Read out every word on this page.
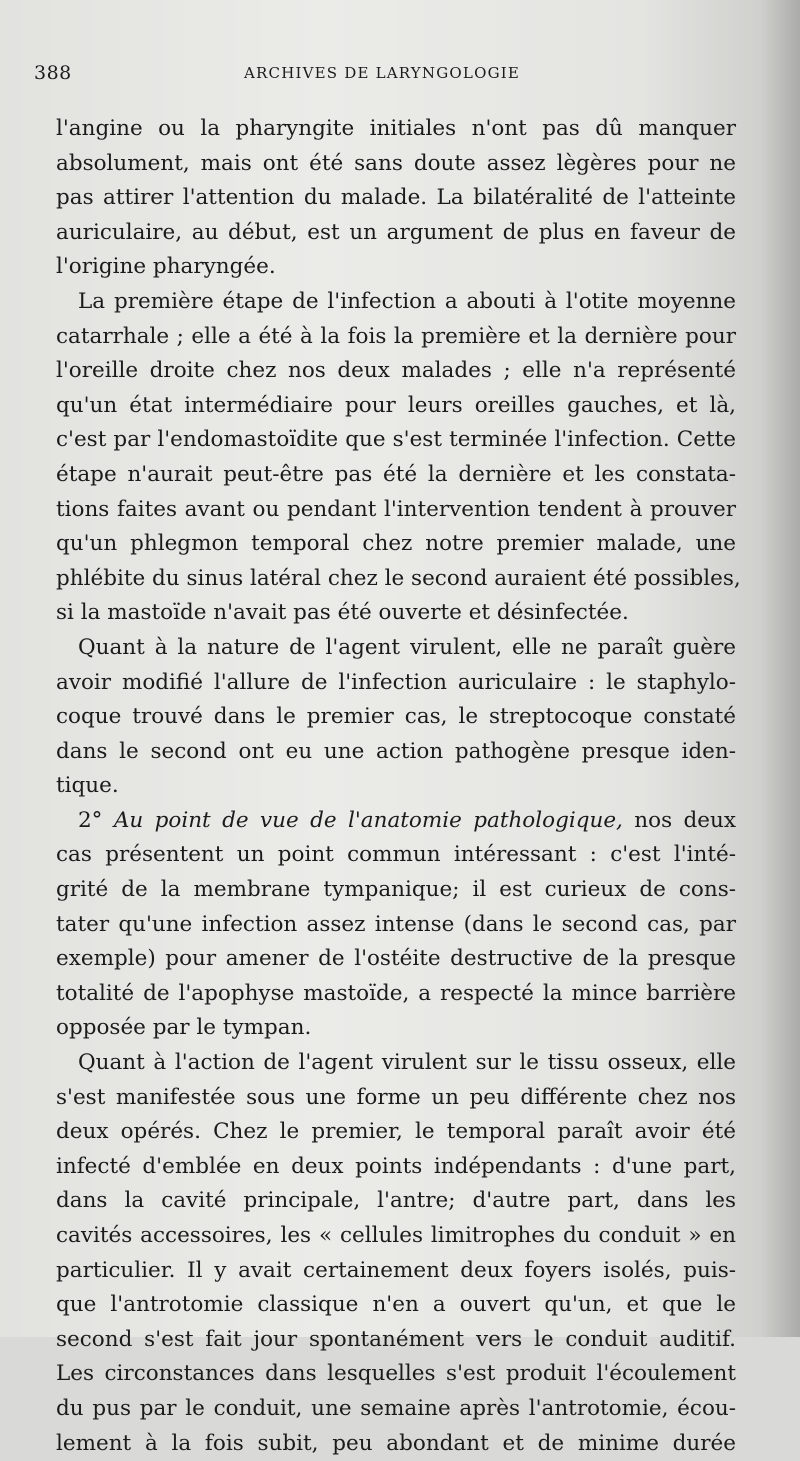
388	ARCHIVES DE LARYNGOLOGIE
l'angine ou la pharyngite initiales n'ont pas dû manquer
absolument, mais ont été sans doute assez lègères pour ne
pas attirer l'attention du malade. La bilatéralité de l'atteinte
auriculaire, au début, est un argument de plus en faveur de
l'origine pharyngée.
La première étape de l'infection a abouti à l'otite moyenne
catarrhale ; elle a été à la fois la première et la dernière pour
l'oreille droite chez nos deux malades ; elle n'a représenté
qu'un état intermédiaire pour leurs oreilles gauches, et là,
c'est par l'endomastoïdite que s'est terminée l'infection. Cette
étape n'aurait peut-être pas été la dernière et les constata-
tions faites avant ou pendant l'intervention tendent à prouver
qu'un phlegmon temporal chez notre premier malade, une
phlébite du sinus latéral chez le second auraient été possibles,
si la mastoïde n'avait pas été ouverte et désinfectée.
Quant à la nature de l'agent virulent, elle ne paraît guère
avoir modifié l'allure de l'infection auriculaire : le staphylo-
coque trouvé dans le premier cas, le streptocoque constaté
dans le second ont eu une action pathogène presque iden-
tique.
2° Au point de vue de l'anatomie pathologique, nos deux
cas présentent un point commun intéressant : c'est l'inté-
grité de la membrane tympanique; il est curieux de cons-
tater qu'une infection assez intense (dans le second cas, par
exemple) pour amener de l'ostéite destructive de la presque
totalité de l'apophyse mastoïde, a respecté la mince barrière
opposée par le tympan.
Quant à l'action de l'agent virulent sur le tissu osseux, elle
s'est manifestée sous une forme un peu différente chez nos
deux opérés. Chez le premier, le temporal paraît avoir été
infecté d'emblée en deux points indépendants : d'une part,
dans la cavité principale, l'antre; d'autre part, dans les
cavités accessoires, les « cellules limitrophes du conduit » en
particulier. Il y avait certainement deux foyers isolés, puis-
que l'antrotomie classique n'en a ouvert qu'un, et que le
second s'est fait jour spontanément vers le conduit auditif.
Les circonstances dans lesquelles s'est produit l'écoulement
du pus par le conduit, une semaine après l'antrotomie, écou-
lement à la fois subit, peu abondant et de minime durée
